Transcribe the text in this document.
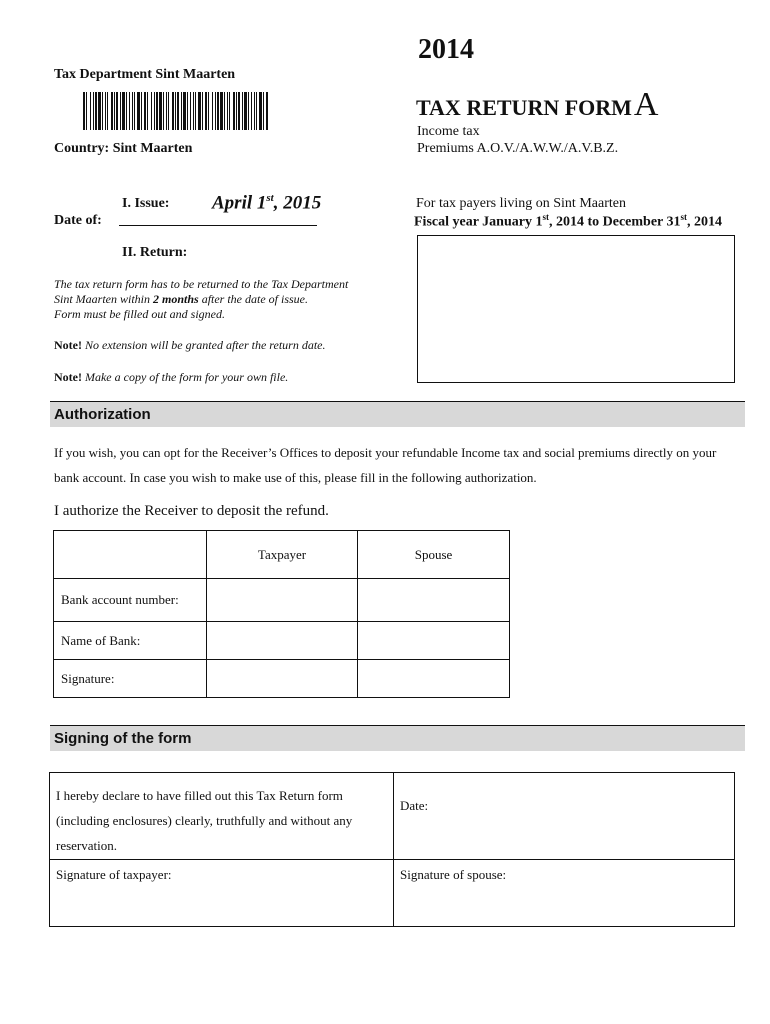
2014
Tax Department Sint Maarten
Country: Sint Maarten
TAX RETURN FORMA
Income tax
Premiums A.O.V./A.W.W./A.V.B.Z.
I. Issue: April 1st, 2015
Date of:
For tax payers living on Sint Maarten
Fiscal year January 1st, 2014 to December 31st, 2014
II. Return:
The tax return form has to be returned to the Tax Department
Sint Maarten within 2 months after the date of issue.
Form must be filled out and signed.
Note! No extension will be granted after the return date.
Note! Make a copy of the form for your own file.
Authorization
If you wish, you can opt for the Receiver’s Offices to deposit your refundable Income tax and social premiums directly on your bank account. In case you wish to make use of this, please fill in the following authorization.
I authorize the Receiver to deposit the refund.
	Taxpayer	Spouse
Bank account number:		
Name of Bank:		
Signature:		
Signing of the form
I hereby declare to have filled out this Tax Return form (including enclosures) clearly, truthfully and without any reservation.	Date:
Signature of taxpayer:	Signature of spouse:
